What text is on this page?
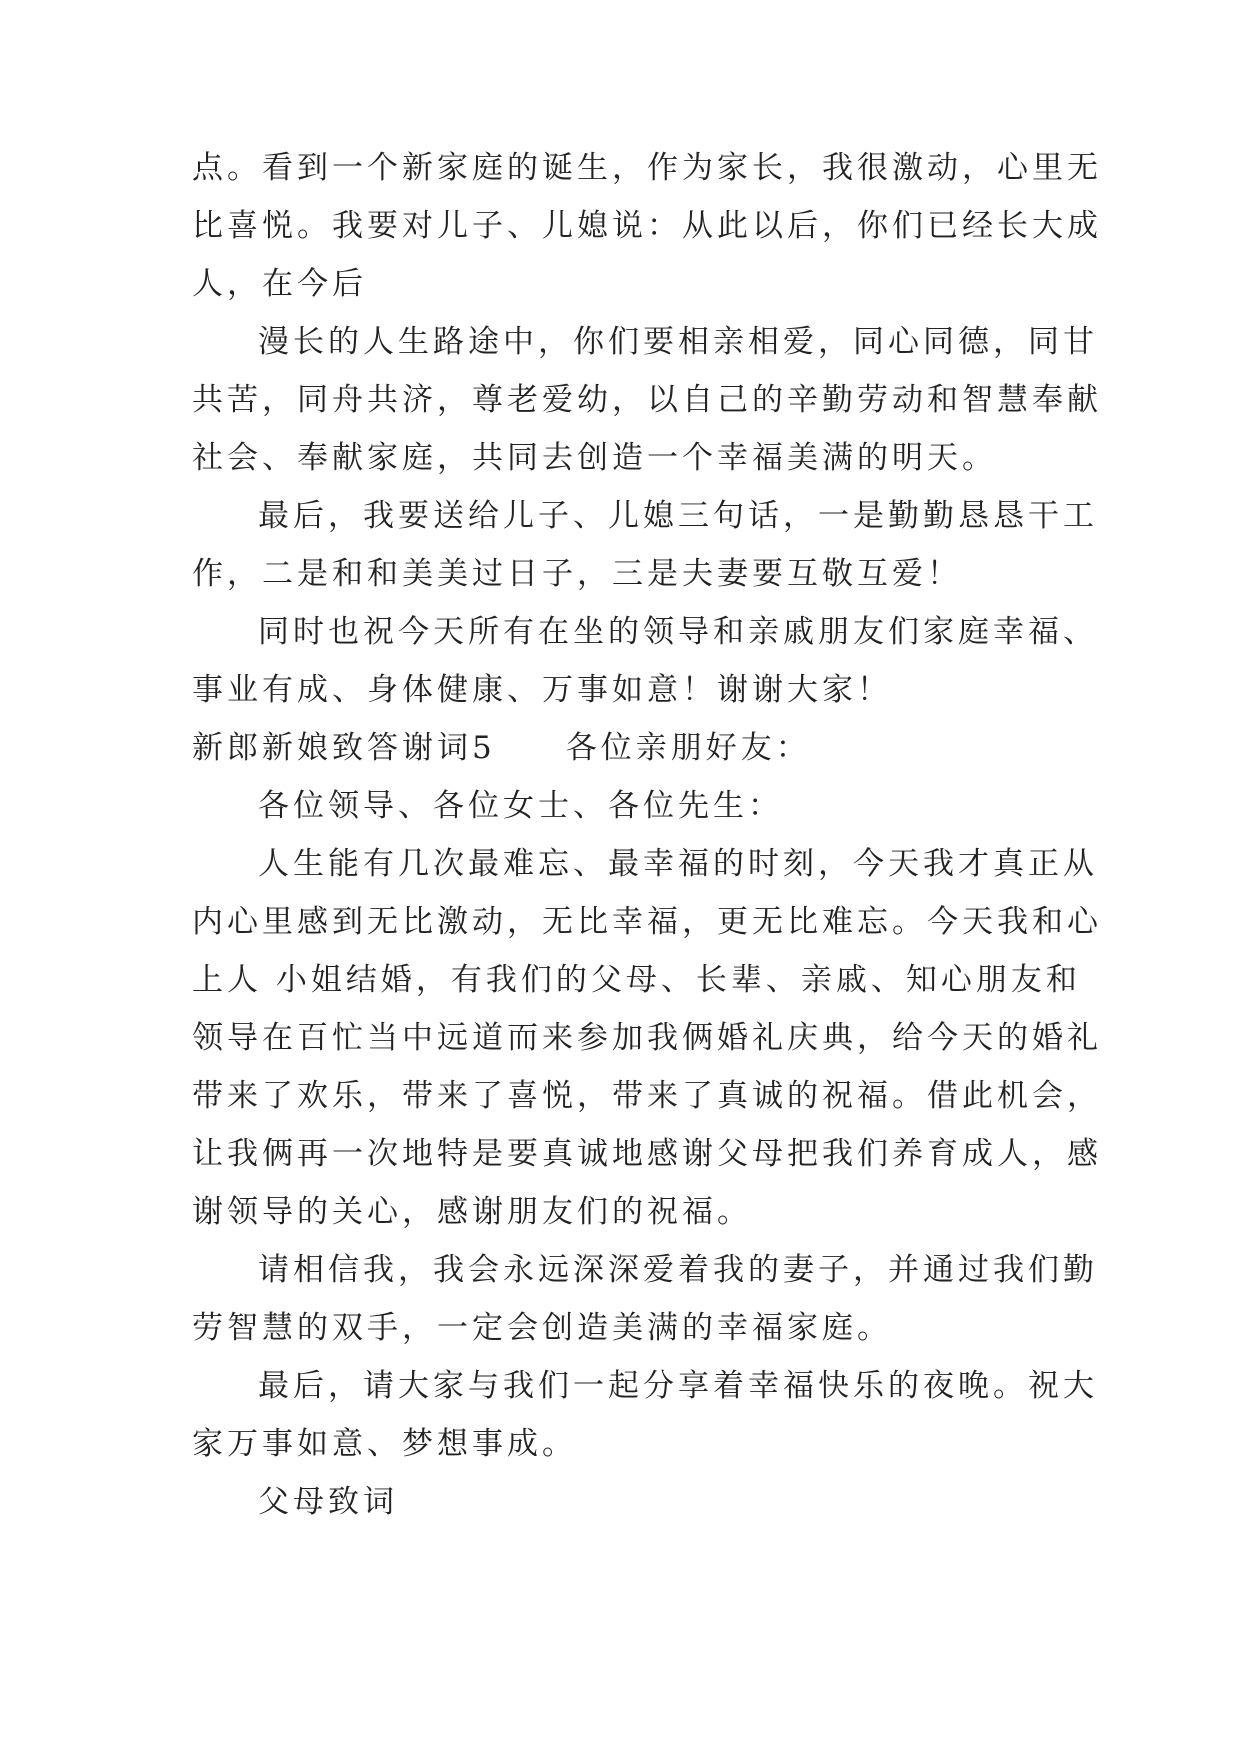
点。看到一个新家庭的诞生，作为家长，我很激动，心里无

比喜悦。我要对儿子、儿媳说：从此以后，你们已经长大成

人，在今后

漫长的人生路途中，你们要相亲相爱，同心同德，同甘

共苦，同舟共济，尊老爱幼，以自己的辛勤劳动和智慧奉献

社会、奉献家庭，共同去创造一个幸福美满的明天。

最后，我要送给儿子、儿媳三句话，一是勤勤恳恳干工

作，二是和和美美过日子，三是夫妻要互敬互爱！

同时也祝今天所有在坐的领导和亲戚朋友们家庭幸福、

事业有成、身体健康、万事如意！谢谢大家！

新郎新娘致答谢词5　　各位亲朋好友：

各位领导、各位女士、各位先生：

人生能有几次最难忘、最幸福的时刻，今天我才真正从

内心里感到无比激动，无比幸福，更无比难忘。今天我和心

上人 小姐结婚，有我们的父母、长辈、亲戚、知心朋友和

领导在百忙当中远道而来参加我俩婚礼庆典，给今天的婚礼

带来了欢乐，带来了喜悦，带来了真诚的祝福。借此机会，

让我俩再一次地特是要真诚地感谢父母把我们养育成人，感

谢领导的关心，感谢朋友们的祝福。

请相信我，我会永远深深爱着我的妻子，并通过我们勤

劳智慧的双手，一定会创造美满的幸福家庭。

最后，请大家与我们一起分享着幸福快乐的夜晚。祝大

家万事如意、梦想事成。

父母致词
